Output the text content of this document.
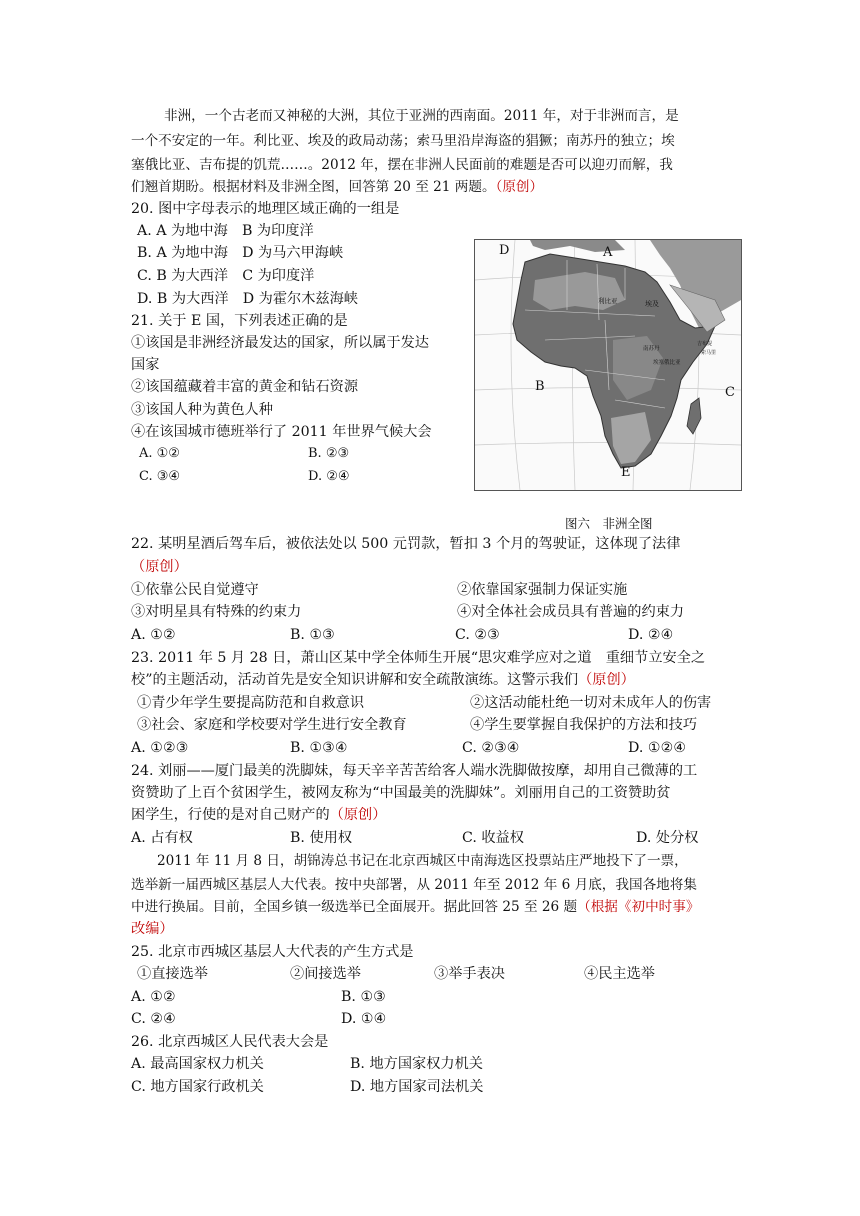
非洲，一个古老而又神秘的大洲，其位于亚洲的西南面。2011 年，对于非洲而言，是
一个不安定的一年。利比亚、埃及的政局动荡；索马里沿岸海盗的猖獗；南苏丹的独立；埃
塞俄比亚、吉布提的饥荒……。2012 年，摆在非洲人民面前的难题是否可以迎刃而解，我
们翘首期盼。根据材料及非洲全图，回答第 20 至 21 两题。（原创）
20. 图中字母表示的地理区域正确的一组是
A. A 为地中海　B 为印度洋
B. A 为地中海　D 为马六甲海峡
C. B 为大西洋　C 为印度洋
D. B 为大西洋　D 为霍尔木兹海峡
21. 关于 E 国，下列表述正确的是
①该国是非洲经济最发达的国家，所以属于发达
国家
②该国蕴藏着丰富的黄金和钻石资源
③该国人种为黄色人种
④在该国城市德班举行了 2011 年世界气候大会
A. ①②	B. ②③
C. ③④	D. ②④
利比亚	埃及
吉布提
索马里
埃塞俄比亚
南苏丹
D	A
B	C
E
图六　非洲全图
22. 某明星酒后驾车后，被依法处以 500 元罚款，暂扣 3 个月的驾驶证，这体现了法律
（原创）
①依靠公民自觉遵守	②依靠国家强制力保证实施
③对明星具有特殊的约束力	④对全体社会成员具有普遍的约束力
A. ①②	B. ①③	C. ②③	D. ②④
23. 2011 年 5 月 28 日，萧山区某中学全体师生开展“思灾难学应对之道　重细节立安全之
校”的主题活动，活动首先是安全知识讲解和安全疏散演练。这警示我们（原创）
①青少年学生要提高防范和自救意识	②这活动能杜绝一切对未成年人的伤害
③社会、家庭和学校要对学生进行安全教育	④学生要掌握自我保护的方法和技巧
A. ①②③	B. ①③④	C. ②③④	D. ①②④
24. 刘丽——厦门最美的洗脚妹，每天辛辛苦苦给客人端水洗脚做按摩，却用自己微薄的工
资赞助了上百个贫困学生，被网友称为“中国最美的洗脚妹”。刘丽用自己的工资赞助贫
困学生，行使的是对自己财产的（原创）
A. 占有权	B. 使用权	C. 收益权	D. 处分权
2011 年 11 月 8 日，胡锦涛总书记在北京西城区中南海选区投票站庄严地投下了一票，
选举新一届西城区基层人大代表。按中央部署，从 2011 年至 2012 年 6 月底，我国各地将集
中进行换届。目前，全国乡镇一级选举已全面展开。据此回答 25 至 26 题（根据《初中时事》
改编）
25. 北京市西城区基层人大代表的产生方式是
①直接选举	②间接选举	③举手表决	④民主选举
A. ①②	B. ①③
C. ②④	D. ①④
26. 北京西城区人民代表大会是
A. 最高国家权力机关	B. 地方国家权力机关
C. 地方国家行政机关	D. 地方国家司法机关
